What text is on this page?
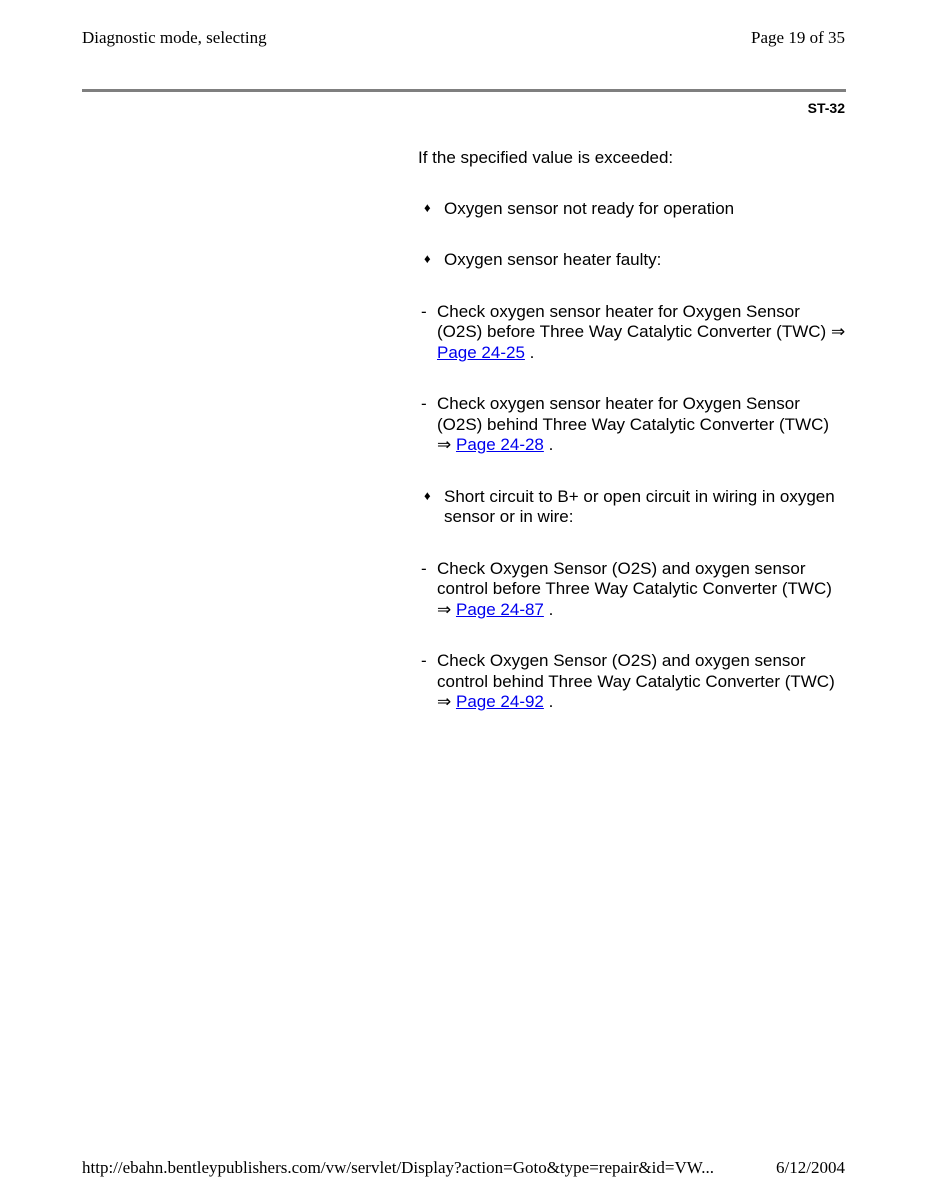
Diagnostic mode, selecting	Page 19 of 35
ST-32

If the specified value is exceeded:

♦ Oxygen sensor not ready for operation
♦ Oxygen sensor heater faulty:
- Check oxygen sensor heater for Oxygen Sensor (O2S) before Three Way Catalytic Converter (TWC) ⇒ Page 24-25 .
- Check oxygen sensor heater for Oxygen Sensor (O2S) behind Three Way Catalytic Converter (TWC) ⇒ Page 24-28 .
♦ Short circuit to B+ or open circuit in wiring in oxygen sensor or in wire:
- Check Oxygen Sensor (O2S) and oxygen sensor control before Three Way Catalytic Converter (TWC) ⇒ Page 24-87 .
- Check Oxygen Sensor (O2S) and oxygen sensor control behind Three Way Catalytic Converter (TWC) ⇒ Page 24-92 .
http://ebahn.bentleypublishers.com/vw/servlet/Display?action=Goto&type=repair&id=VW...	6/12/2004
